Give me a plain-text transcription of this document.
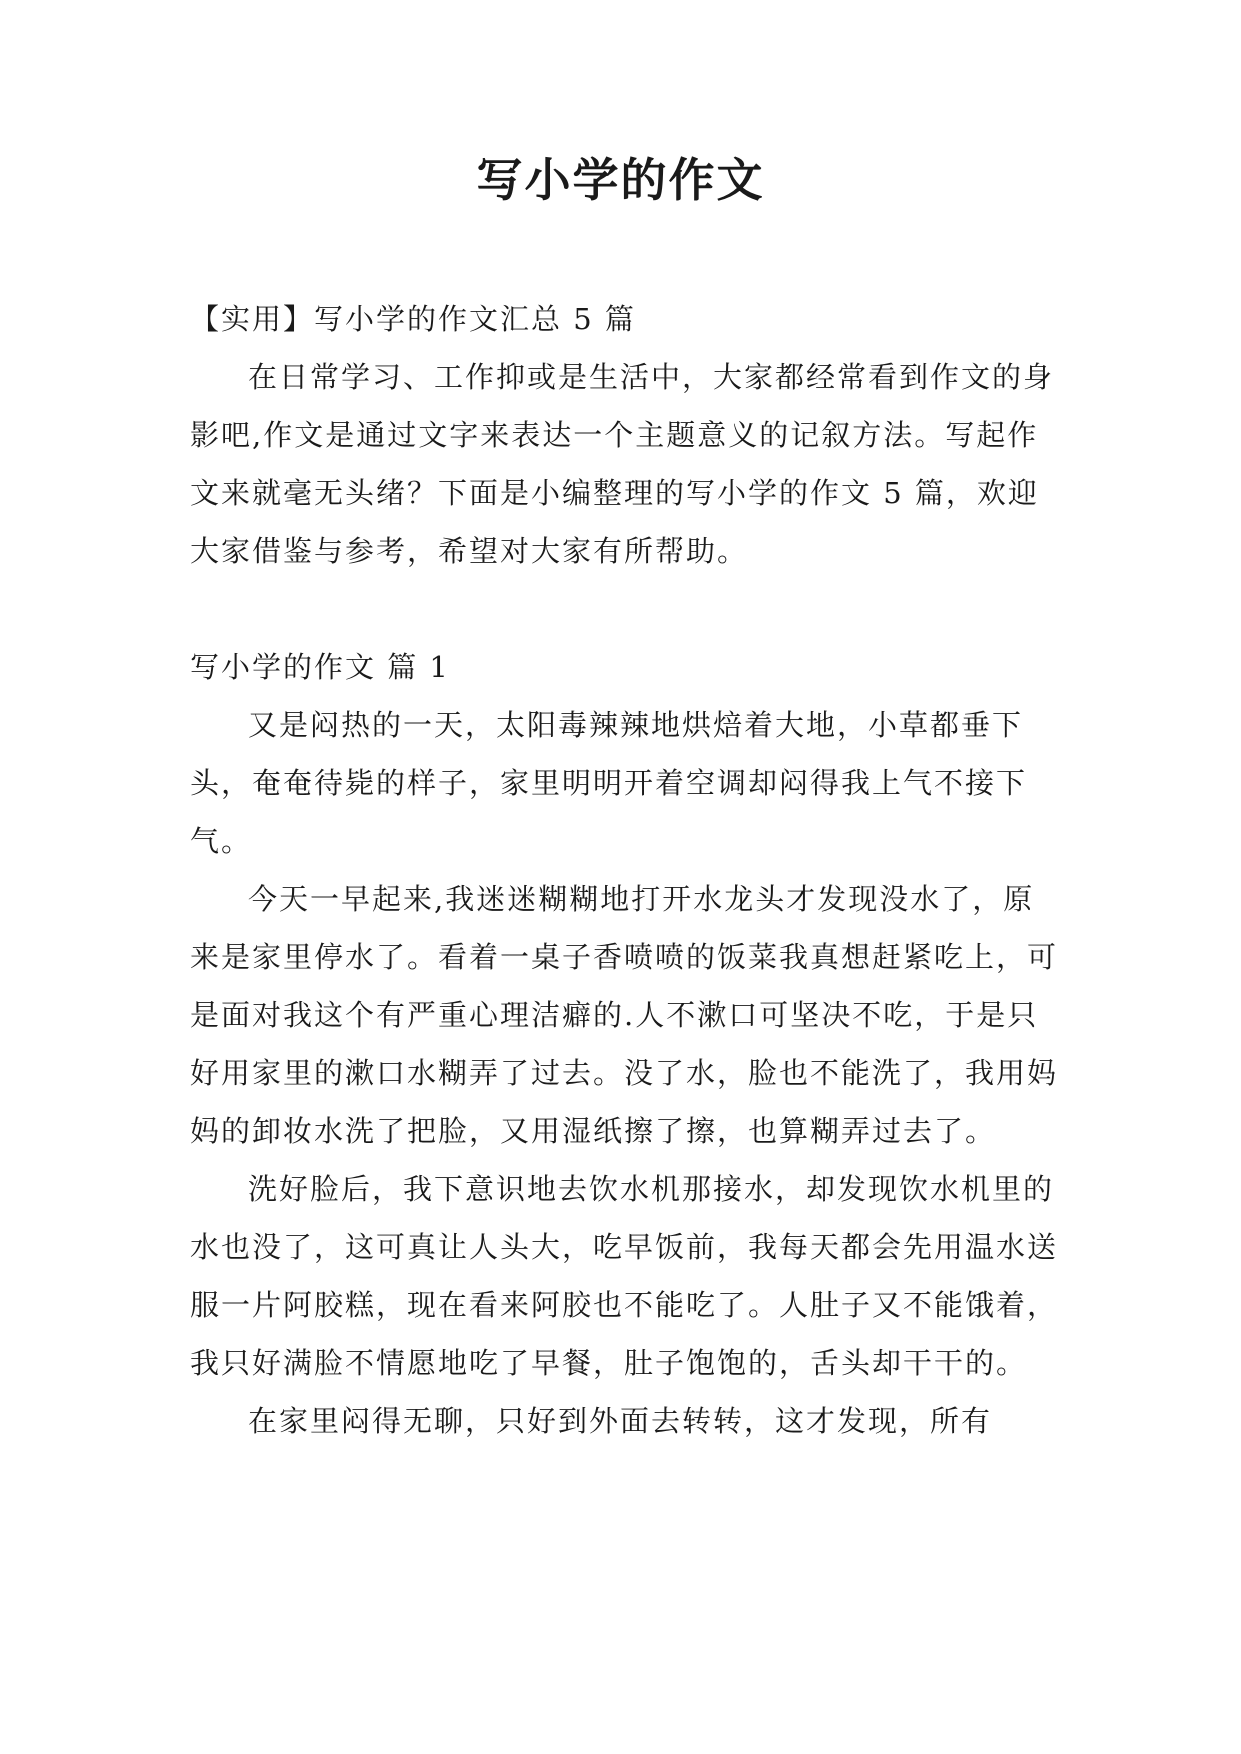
写小学的作文

【实用】写小学的作文汇总 5 篇

在日常学习、工作抑或是生活中，大家都经常看到作文的身影吧,作文是通过文字来表达一个主题意义的记叙方法。写起作文来就毫无头绪？下面是小编整理的写小学的作文 5 篇，欢迎大家借鉴与参考，希望对大家有所帮助。

写小学的作文 篇 1

又是闷热的一天，太阳毒辣辣地烘焙着大地，小草都垂下头，奄奄待毙的样子，家里明明开着空调却闷得我上气不接下气。

今天一早起来,我迷迷糊糊地打开水龙头才发现没水了，原来是家里停水了。看着一桌子香喷喷的饭菜我真想赶紧吃上，可是面对我这个有严重心理洁癖的.人不漱口可坚决不吃，于是只好用家里的漱口水糊弄了过去。没了水，脸也不能洗了，我用妈妈的卸妆水洗了把脸，又用湿纸擦了擦，也算糊弄过去了。

洗好脸后，我下意识地去饮水机那接水，却发现饮水机里的水也没了，这可真让人头大，吃早饭前，我每天都会先用温水送服一片阿胶糕，现在看来阿胶也不能吃了。人肚子又不能饿着，我只好满脸不情愿地吃了早餐，肚子饱饱的，舌头却干干的。

在家里闷得无聊，只好到外面去转转，这才发现，所有
